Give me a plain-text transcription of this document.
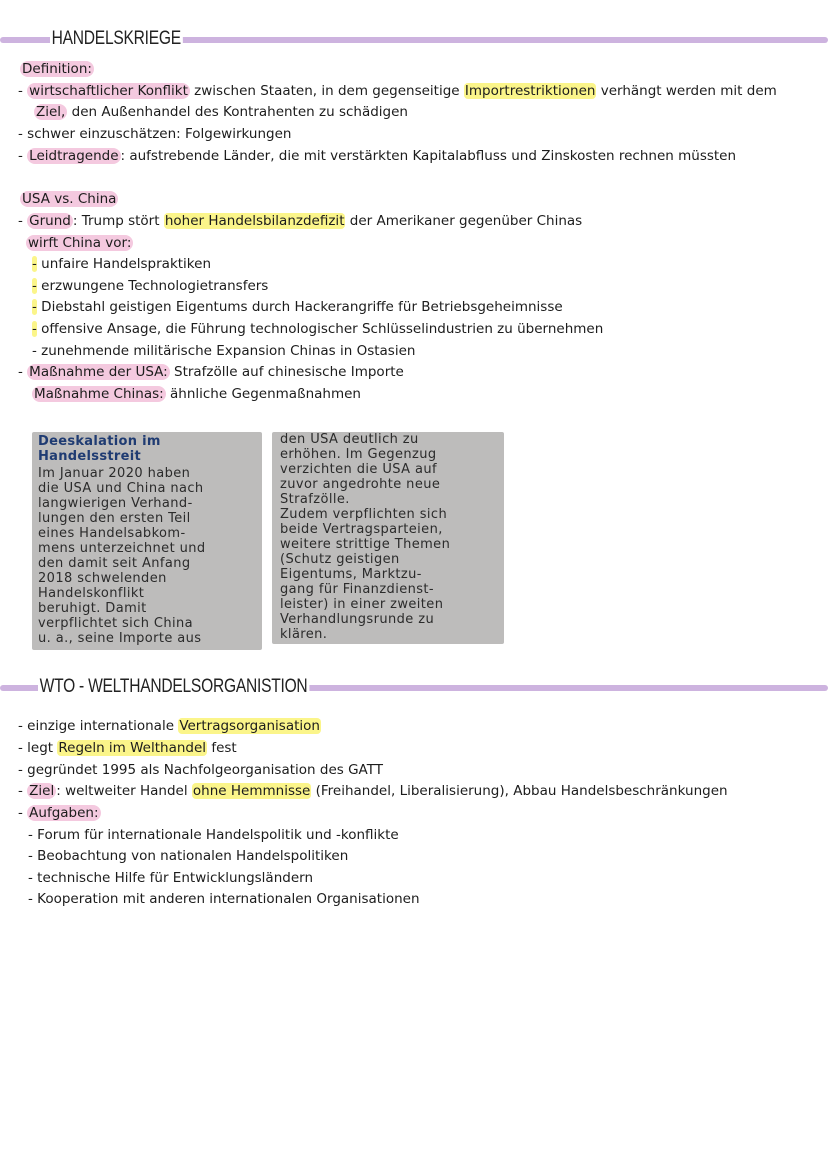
HANDELSKRIEGE
Definition:
- wirtschaftlicher Konflikt zwischen Staaten, in dem gegenseitige Importrestriktionen verhängt werden mit dem
Ziel, den Außenhandel des Kontrahenten zu schädigen
- schwer einzuschätzen: Folgewirkungen
- Leidtragende : aufstrebende Länder, die mit verstärkten Kapitalabfluss und Zinskosten rechnen müssten
USA vs. China
- Grund : Trump stört hoher Handelsbilanzdefizit der Amerikaner gegenüber Chinas
wirft China vor:
- unfaire Handelspraktiken
- erzwungene Technologietransfers
- Diebstahl geistigen Eigentums durch Hackerangriffe für Betriebsgeheimnisse
- offensive Ansage, die Führung technologischer Schlüsselindustrien zu übernehmen
- zunehmende militärische Expansion Chinas in Ostasien
- Maßnahme der USA: Strafzölle auf chinesische Importe
Maßnahme Chinas: ähnliche Gegenmaßnahmen
Deeskalation im
Handelsstreit
Im Januar 2020 haben
die USA und China nach
langwierigen Verhand-
lungen den ersten Teil
eines Handelsabkom-
mens unterzeichnet und
den damit seit Anfang
2018 schwelenden
Handelskonflikt
beruhigt. Damit
verpflichtet sich China
u. a., seine Importe aus
den USA deutlich zu
erhöhen. Im Gegenzug
verzichten die USA auf
zuvor angedrohte neue
Strafzölle.
Zudem verpflichten sich
beide Vertragsparteien,
weitere strittige Themen
(Schutz geistigen
Eigentums, Marktzu-
gang für Finanzdienst-
leister) in einer zweiten
Verhandlungsrunde zu
klären.
WTO - WELTHANDELSORGANISTION
- einzige internationale Vertragsorganisation
- legt Regeln im Welthandel fest
- gegründet 1995 als Nachfolgeorganisation des GATT
- Ziel : weltweiter Handel ohne Hemmnisse (Freihandel, Liberalisierung), Abbau Handelsbeschränkungen
- Aufgaben:
- Forum für internationale Handelspolitik und -konflikte
- Beobachtung von nationalen Handelspolitiken
- technische Hilfe für Entwicklungsländern
- Kooperation mit anderen internationalen Organisationen
